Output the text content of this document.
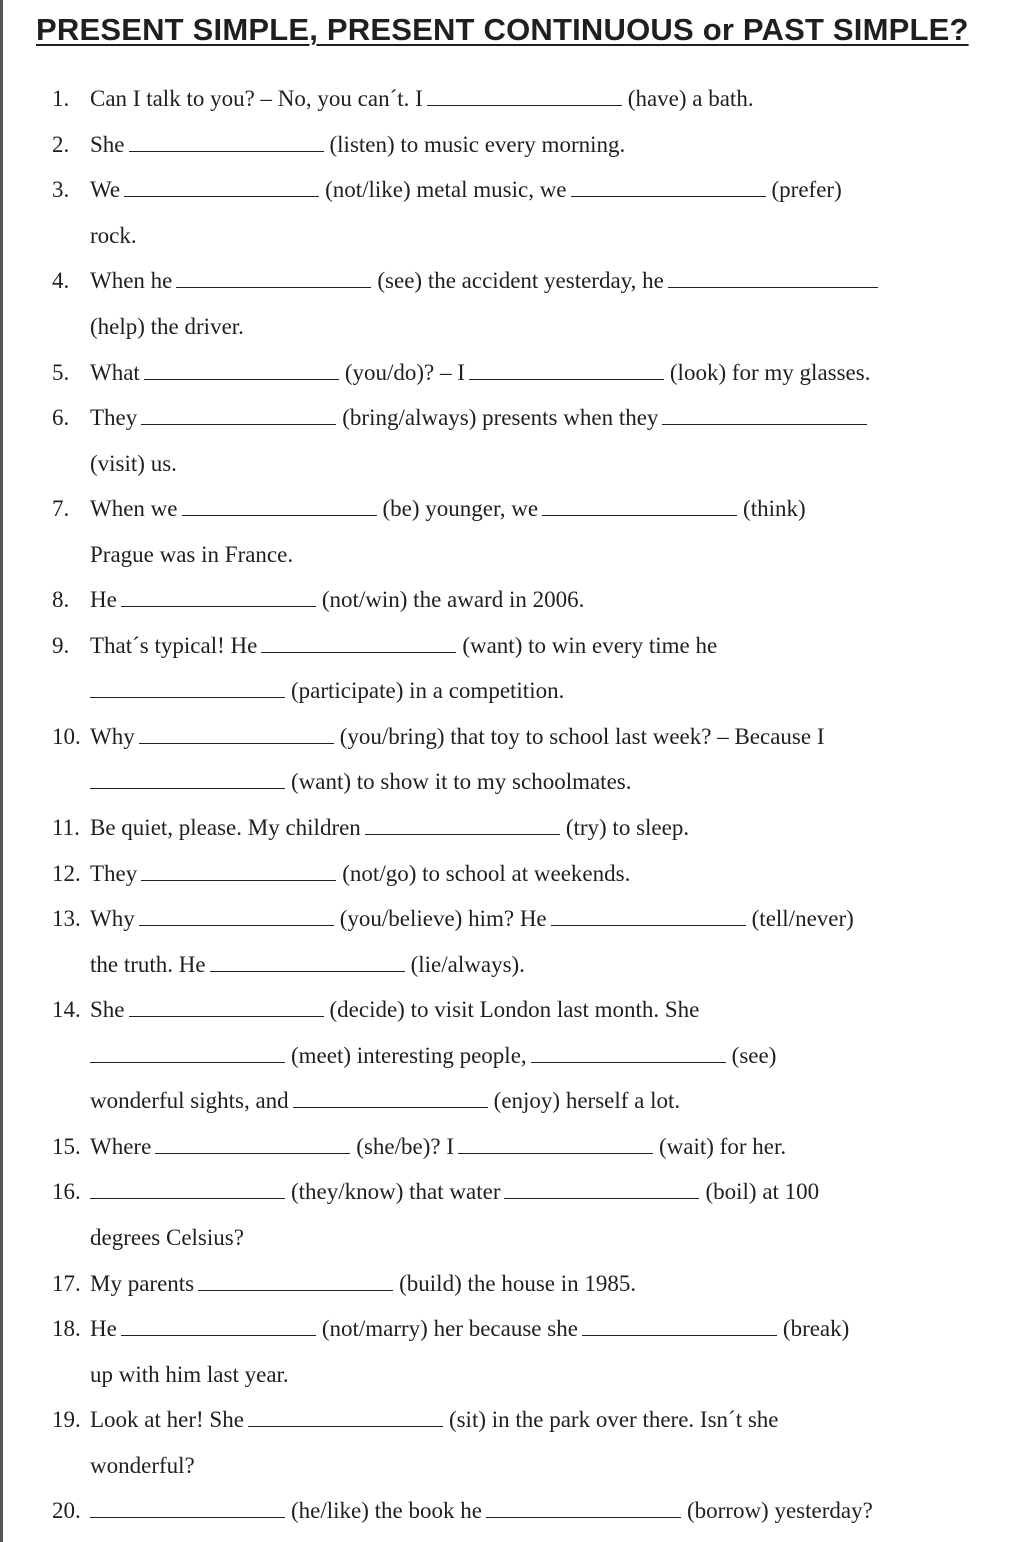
PRESENT SIMPLE, PRESENT CONTINUOUS or PAST SIMPLE?
1. Can I talk to you? – No, you can´t. I	(have) a bath.
2. She	(listen) to music every morning.
3. We	(not/like) metal music, we	(prefer)
rock.
4. When he	(see) the accident yesterday, he
(help) the driver.
5. What	(you/do)? – I	(look) for my glasses.
6. They	(bring/always) presents when they
(visit) us.
7. When we	(be) younger, we	(think)
Prague was in France.
8. He	(not/win) the award in 2006.
9. That´s typical! He	(want) to win every time he
(participate) in a competition.
10. Why	(you/bring) that toy to school last week? – Because I
(want) to show it to my schoolmates.
11. Be quiet, please. My children	(try) to sleep.
12. They	(not/go) to school at weekends.
13. Why	(you/believe) him? He	(tell/never)
the truth. He	(lie/always).
14. She	(decide) to visit London last month. She
(meet) interesting people,	(see)
wonderful sights, and	(enjoy) herself a lot.
15. Where	(she/be)? I	(wait) for her.
16.	(they/know) that water	(boil) at 100
degrees Celsius?
17. My parents	(build) the house in 1985.
18. He	(not/marry) her because she	(break)
up with him last year.
19. Look at her! She	(sit) in the park over there. Isn´t she
wonderful?
20.	(he/like) the book he	(borrow) yesterday?
